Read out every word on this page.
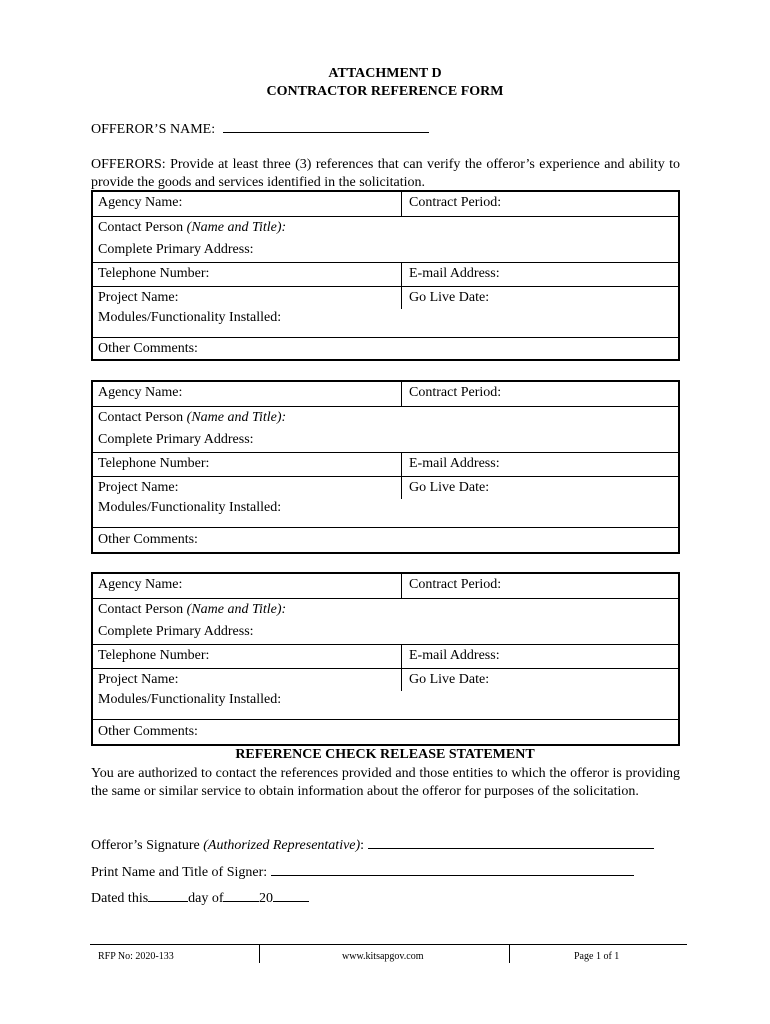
ATTACHMENT D
CONTRACTOR REFERENCE FORM
OFFEROR’S NAME:
OFFERORS: Provide at least three (3) references that can verify the offeror’s experience and ability to provide the goods and services identified in the solicitation.
Agency Name:	Contract Period:
Contact Person (Name and Title):
Complete Primary Address:
Telephone Number:	E-mail Address:
Project Name:	Go Live Date:
Modules/Functionality Installed:
Other Comments:
Agency Name:	Contract Period:
Contact Person (Name and Title):
Complete Primary Address:
Telephone Number:	E-mail Address:
Project Name:	Go Live Date:
Modules/Functionality Installed:
Other Comments:
Agency Name:	Contract Period:
Contact Person (Name and Title):
Complete Primary Address:
Telephone Number:	E-mail Address:
Project Name:	Go Live Date:
Modules/Functionality Installed:
Other Comments:
REFERENCE CHECK RELEASE STATEMENT
You are authorized to contact the references provided and those entities to which the offeror is providing the same or similar service to obtain information about the offeror for purposes of the solicitation.
Offeror’s Signature (Authorized Representative):
Print Name and Title of Signer:
Dated this	day of	20
RFP No: 2020-133	www.kitsapgov.com	Page 1 of 1
